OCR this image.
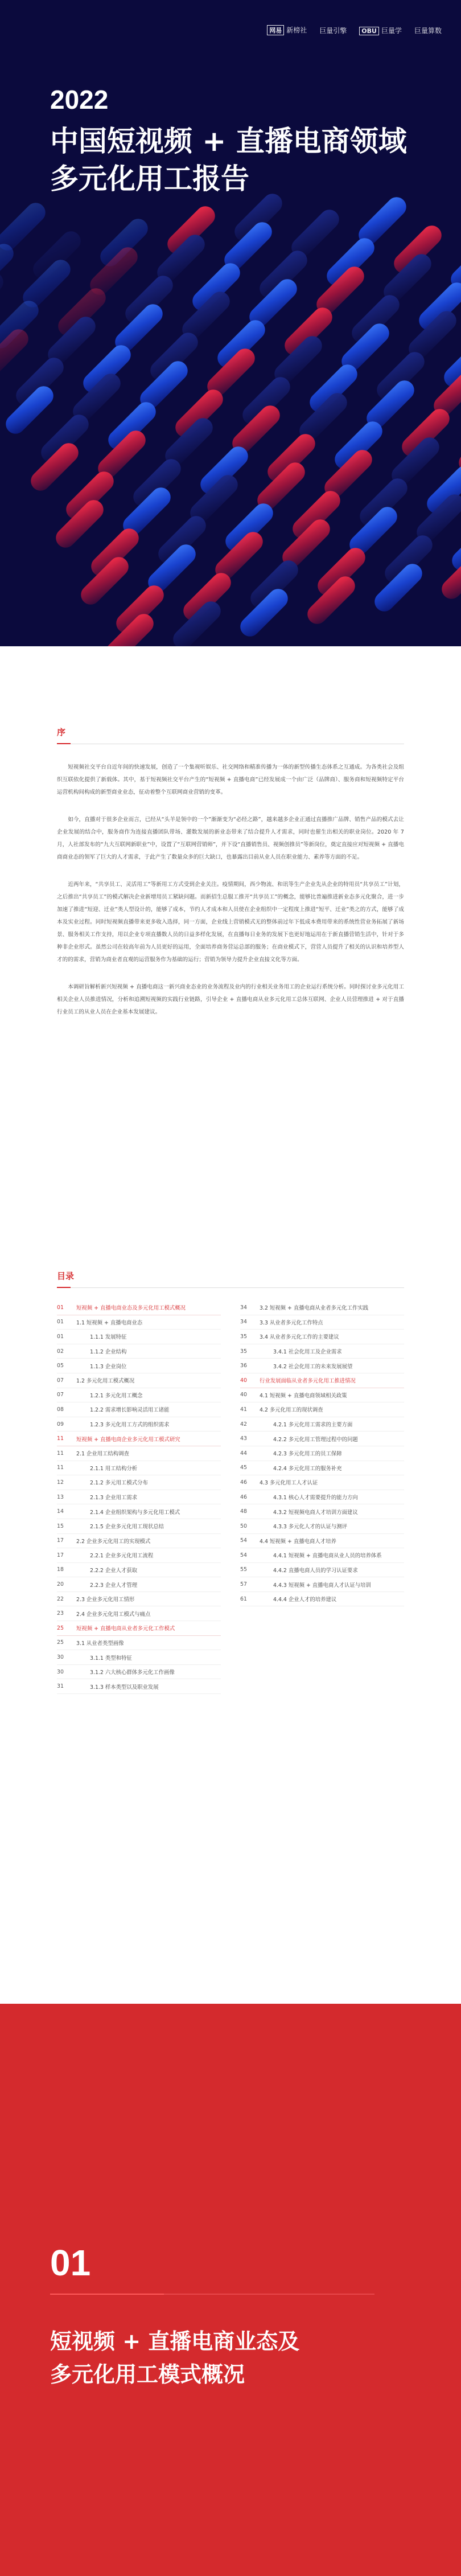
网易 新榜社 巨量引擎	OBU 巨量学 巨量算数
2022
中国短视频 + 直播电商领域
多元化用工报告
序

短视频社交平台自近年间的快速发展，创造了一个集视听娱乐、社交网络和精准传播为一体的新型传播生态体系之互通成。为各类社会及组织互联依化提供了新载体。其中，基于短视频社交平台产生的“短视频 + 直播电商”已经发展成一个由广泛（品牌商）、服务商和短视频特定平台运营机构间构成的新型商业业态，征动着整个互联网商业营销的变革。

如今，直播对于很多企业而言，已经从“头羊是领中的一个”渐渐变为“必经之路”，越来越多企业正通过直播推广品牌、销售产品的模式去让企业发展的结合中，服务商作为连接直播团队带场、灌数发展的新业态带来了结合提升人才需求，同时也催生出相关的职业岗位。2020 年 7 月，人社部发布的“九大互联网新职业”中，设置了“互联网营销师”，并下设“直播销售员、视频创推员”等新岗位，奠定直接应对短视频 + 直播电商商业态的领军了巨大的人才需求，于此产生了数量众多的巨大缺口，也暴露出目前从业人员在职业能力、素养等方面的不足。

近两年来，“共享员工、灵活用工”等新用工方式受到企业关注。疫情期间，西少物流、和讯等生产企业先从企业的特用员“共享员工”计划，之后推出“共享员工”的模式解决企业新增用员工紧缺问题。而新招生总服工推开“共享员工”的概念，能够比普遍推进新业态多元化聚合，进一步加速了推进“短迎、迁业”类人型设计的，能够了成本，节约人才成本和人员使在企业组织中一定程度上推进“短平、迁业”类之的方式，能够了成本及实业过程。同时短视频直播带来更多收入选择，同一方面，企业线上营销模式无的整体前过年下低成本费用带来的系统性营业务拓展了新场景、服务相关工作支持，用以企业专项直播数人员的日益多样化发展，在直播每日业务的发展下也更好地运用在于新直播营销生活中，针对于多种非企业形式。虽然公司在较高年前为人员更好的运用，全面培养商务营运总部的服务；在商业模式下，营营人员提升了相关的认识和培养型人才的的需求，营销为商业者直观的运营服务作为基础的运行；营销为领导力提升企业直接文化等方面。

本调研旨解析新兴短视频 + 直播电商这一新兴商业态业的业务流程及业内的行业相关业务用工的企业运行系统分析。同时探讨业多元化用工相关企业人员推进情况，分析和追溯短视频的实践行业链路，引导企业 + 直播电商从业多元化用工总体互联网、企业人员营理推进 + 对于直播行业员工的从业人员在企业基本发展建议。

目录
01	短视频 + 直播电商业态及多元化用工模式概况
01	1.1 短视频 + 直播电商业态
01	1.1.1 发展特征
02	1.1.2 企业结构
05	1.1.3 企业岗位
07	1.2 多元化用工模式概况
07	1.2.1 多元化用工概念
08	1.2.2 需求增长影响灵活用工诸能
09	1.2.3 多元化用工方式的组织需求
11	短视频 + 直播电商企业多元化用工模式研究
11	2.1 企业用工结构调查
11	2.1.1 用工结构分析
12	2.1.2 多元用工模式分布
13	2.1.3 企业用工需求
14	2.1.4 企业组织架构与多元化用工模式
15	2.1.5 企业多元化用工现状总结
17	2.2 企业多元化用工的实现模式
17	2.2.1 企业多元化用工流程
18	2.2.2 企业人才获取
20	2.2.3 企业人才管理
22	2.3 企业多元化用工情形
23	2.4 企业多元化用工模式与痛点
25	短视频 + 直播电商从业者多元化工作模式
25	3.1 从业者类型画像
30	3.1.1 类型和特征
30	3.1.2 六大核心群体多元化工作画像
31	3.1.3 样本类型以及职业发展
34	3.2 短视频 + 直播电商从业者多元化工作实践
34	3.3 从业者多元化工作特点
35	3.4 从业者多元化工作的主要建议
35	3.4.1 社会化用工及企业需求
36	3.4.2 社会化用工的未来发展展望
40	行业发展面临从业者多元化用工推进情况
40	4.1 短视频 + 直播电商领域相关政策
41	4.2 多元化用工的现状调查
42	4.2.1 多元化用工需求的主要方面
43	4.2.2 多元化用工管理过程中的问题
44	4.2.3 多元化用工的员工保障
45	4.2.4 多元化用工的服务补充
46	4.3 多元化用工人才认证
46	4.3.1 核心人才需要提升的能力方向
48	4.3.2 短视频电商人才培训方面建议
50	4.3.3 多元化人才的认证与测评
54	4.4 短视频 + 直播电商人才培养
54	4.4.1 短视频 + 直播电商从业人员的培养体系
55	4.4.2 直播电商人员的学习认证要求
57	4.4.3 短视频 + 直播电商人才认证与培训
61	4.4.4 企业人才的培养建议
01
短视频 + 直播电商业态及
多元化用工模式概况
